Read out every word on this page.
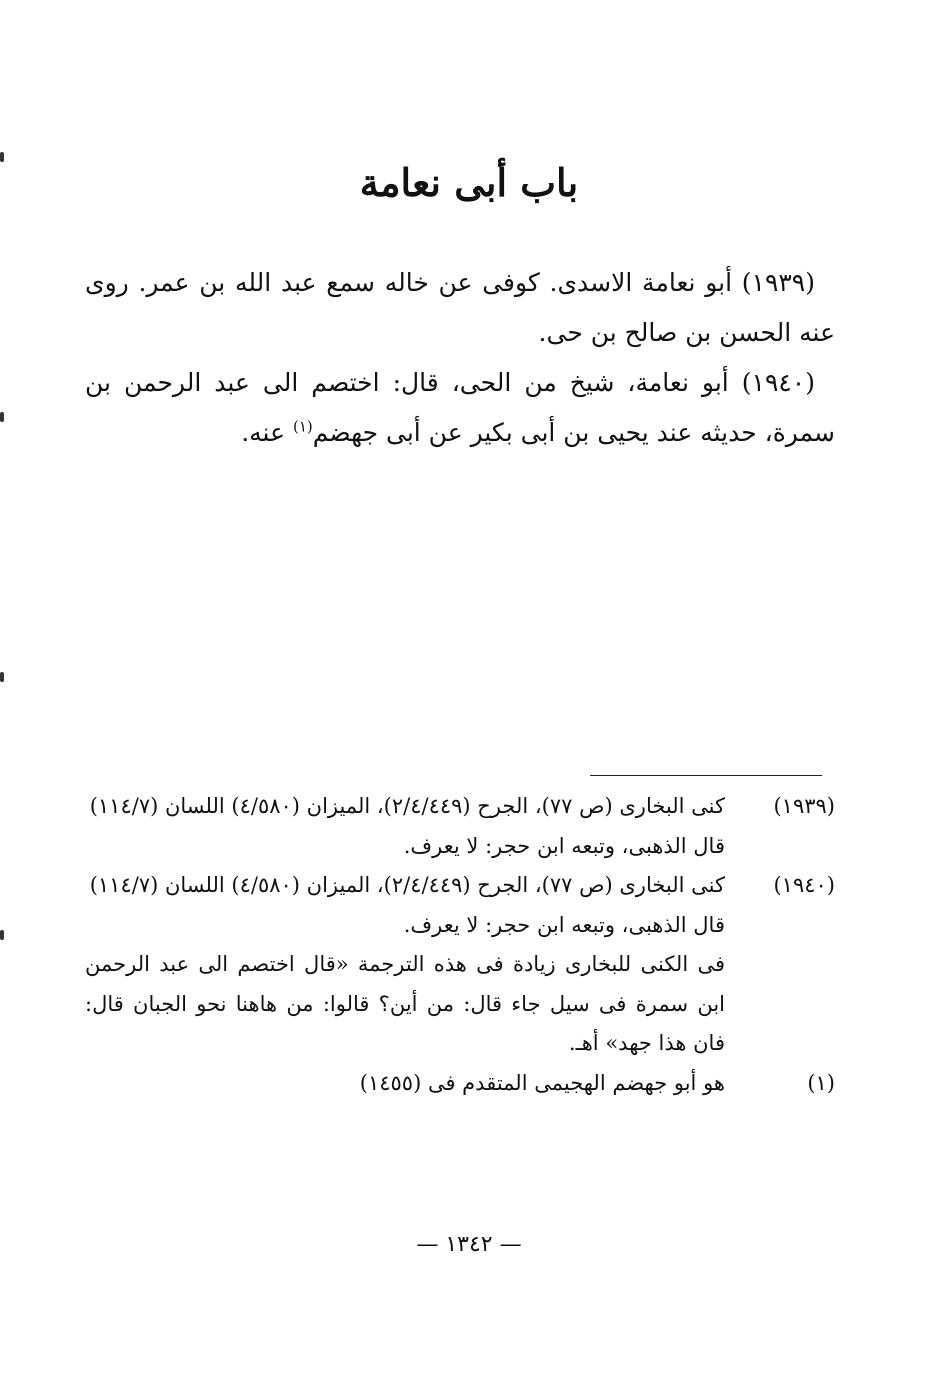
باب أبى نعامة

(١٩٣٩) أبو نعامة الاسدى. كوفى عن خاله سمع عبد الله بن عمر. روى عنه الحسن بن صالح بن حى.

(١٩٤٠) أبو نعامة، شيخ من الحى، قال: اختصم الى عبد الرحمن بن سمرة، حديثه عند يحيى بن أبى بكير عن أبى جهضم$^{(١)}$ عنه.

(١٩٣٩)
كنى البخارى (ص ٧٧)، الجرح (٢/٤/٤٤٩)، الميزان (٤/٥٨٠) اللسان (١١٤/٧)
قال الذهبى، وتبعه ابن حجر: لا يعرف.
(١٩٤٠)
كنى البخارى (ص ٧٧)، الجرح (٢/٤/٤٤٩)، الميزان (٤/٥٨٠) اللسان (١١٤/٧)
قال الذهبى، وتبعه ابن حجر: لا يعرف.
فى الكنى للبخارى زيادة فى هذه الترجمة «قال اختصم الى عبد الرحمن ابن سمرة فى سيل جاء قال: من أين؟ قالوا: من هاهنا نحو الجبان قال: فان هذا جهد» أهـ.
(١)
هو أبو جهضم الهجيمى المتقدم فى (١٤٥٥)
— ١٣٤٢ —
